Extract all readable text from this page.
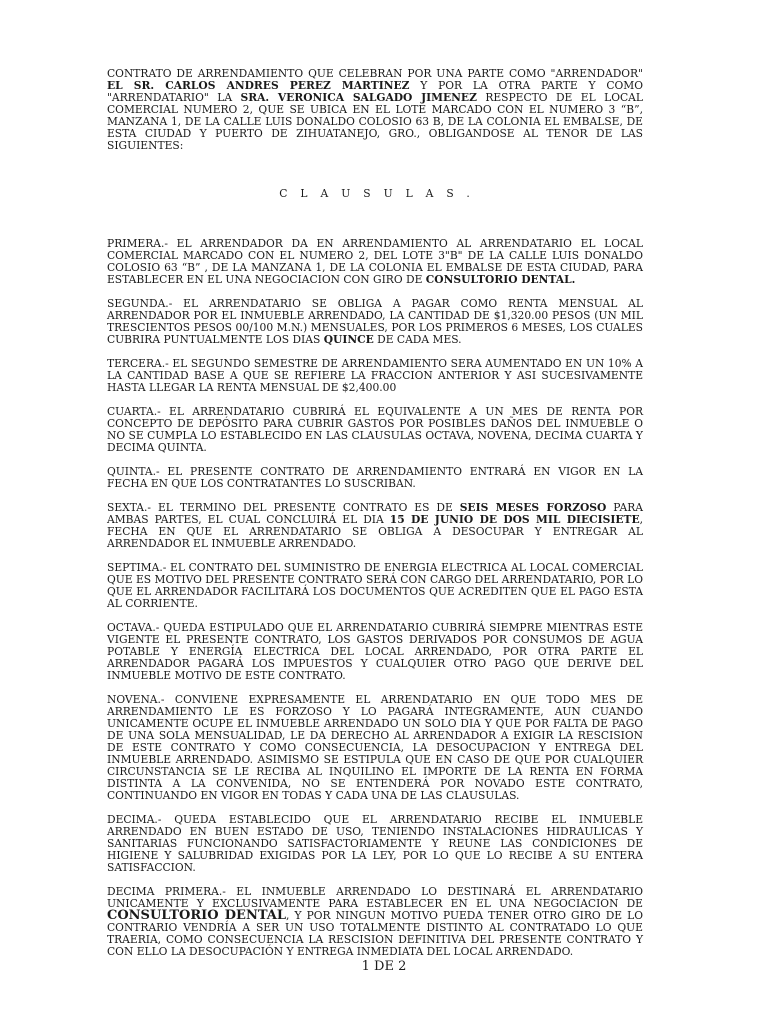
CONTRATO DE ARRENDAMIENTO QUE CELEBRAN POR UNA PARTE COMO "ARRENDADOR" EL SR. CARLOS ANDRES PEREZ MARTINEZ Y POR LA OTRA PARTE Y COMO "ARRENDATARIO" LA SRA. VERONICA SALGADO JIMENEZ RESPECTO DE EL LOCAL COMERCIAL NUMERO 2, QUE SE UBICA EN EL LOTE MARCADO CON EL NUMERO 3 “B”, MANZANA 1, DE LA CALLE LUIS DONALDO COLOSIO 63 B, DE LA COLONIA EL EMBALSE, DE ESTA CIUDAD Y PUERTO DE ZIHUATANEJO, GRO., OBLIGANDOSE AL TENOR DE LAS SIGUIENTES:

CLAUSULAS.

PRIMERA.- EL ARRENDADOR DA EN ARRENDAMIENTO AL ARRENDATARIO EL LOCAL COMERCIAL MARCADO CON EL NUMERO 2, DEL LOTE 3"B" DE LA CALLE LUIS DONALDO COLOSIO 63 “B” , DE LA MANZANA 1, DE LA COLONIA EL EMBALSE DE ESTA CIUDAD, PARA ESTABLECER EN EL UNA NEGOCIACION CON GIRO DE CONSULTORIO DENTAL.

SEGUNDA.- EL ARRENDATARIO SE OBLIGA A PAGAR COMO RENTA MENSUAL AL ARRENDADOR POR EL INMUEBLE ARRENDADO, LA CANTIDAD DE $1,320.00 PESOS (UN MIL TRESCIENTOS PESOS 00/100 M.N.) MENSUALES, POR LOS PRIMEROS 6 MESES, LOS CUALES CUBRIRA PUNTUALMENTE LOS DIAS QUINCE DE CADA MES.

TERCERA.- EL SEGUNDO SEMESTRE DE ARRENDAMIENTO SERA AUMENTADO EN UN 10% A LA CANTIDAD BASE A QUE SE REFIERE LA FRACCION ANTERIOR Y ASI SUCESIVAMENTE HASTA LLEGAR LA RENTA MENSUAL DE $2,400.00

CUARTA.- EL ARRENDATARIO CUBRIRÁ EL EQUIVALENTE A UN MES DE RENTA POR CONCEPTO DE DEPÓSITO PARA CUBRIR GASTOS POR POSIBLES DAÑOS DEL INMUEBLE O NO SE CUMPLA LO ESTABLECIDO EN LAS CLAUSULAS OCTAVA, NOVENA, DECIMA CUARTA Y DECIMA QUINTA.

QUINTA.- EL PRESENTE CONTRATO DE ARRENDAMIENTO ENTRARÁ EN VIGOR EN LA FECHA EN QUE LOS CONTRATANTES LO SUSCRIBAN.

SEXTA.- EL TERMINO DEL PRESENTE CONTRATO ES DE SEIS MESES FORZOSO PARA AMBAS PARTES, EL CUAL CONCLUIRÁ EL DIA 15 DE JUNIO DE DOS MIL DIECISIETE, FECHA EN QUE EL ARRENDATARIO SE OBLIGA A DESOCUPAR Y ENTREGAR AL ARRENDADOR EL INMUEBLE ARRENDADO.

SEPTIMA.- EL CONTRATO DEL SUMINISTRO DE ENERGIA ELECTRICA AL LOCAL COMERCIAL QUE ES MOTIVO DEL PRESENTE CONTRATO SERÁ CON CARGO DEL ARRENDATARIO, POR LO QUE EL ARRENDADOR FACILITARÁ LOS DOCUMENTOS QUE ACREDITEN QUE EL PAGO ESTA AL CORRIENTE.

OCTAVA.- QUEDA ESTIPULADO QUE EL ARRENDATARIO CUBRIRÁ SIEMPRE MIENTRAS ESTE VIGENTE EL PRESENTE CONTRATO, LOS GASTOS DERIVADOS POR CONSUMOS DE AGUA POTABLE Y ENERGÍA ELECTRICA DEL LOCAL ARRENDADO, POR OTRA PARTE EL ARRENDADOR PAGARÁ LOS IMPUESTOS Y CUALQUIER OTRO PAGO QUE DERIVE DEL INMUEBLE MOTIVO DE ESTE CONTRATO.

NOVENA.- CONVIENE EXPRESAMENTE EL ARRENDATARIO EN QUE TODO MES DE ARRENDAMIENTO LE ES FORZOSO Y LO PAGARÁ INTEGRAMENTE, AUN CUANDO UNICAMENTE OCUPE EL INMUEBLE ARRENDADO UN SOLO DIA Y QUE POR FALTA DE PAGO DE UNA SOLA MENSUALIDAD, LE DA DERECHO AL ARRENDADOR A EXIGIR LA RESCISION DE ESTE CONTRATO Y COMO CONSECUENCIA, LA DESOCUPACION Y ENTREGA DEL INMUEBLE ARRENDADO. ASIMISMO SE ESTIPULA QUE EN CASO DE QUE POR CUALQUIER CIRCUNSTANCIA SE LE RECIBA AL INQUILINO EL IMPORTE DE LA RENTA EN FORMA DISTINTA A LA CONVENIDA, NO SE ENTENDERÁ POR NOVADO ESTE CONTRATO, CONTINUANDO EN VIGOR EN TODAS Y CADA UNA DE LAS CLAUSULAS.

DECIMA.- QUEDA ESTABLECIDO QUE EL ARRENDATARIO RECIBE EL INMUEBLE ARRENDADO EN BUEN ESTADO DE USO, TENIENDO INSTALACIONES HIDRAULICAS Y SANITARIAS FUNCIONANDO SATISFACTORIAMENTE Y REUNE LAS CONDICIONES DE HIGIENE Y SALUBRIDAD EXIGIDAS POR LA LEY, POR LO QUE LO RECIBE A SU ENTERA SATISFACCION.

DECIMA PRIMERA.- EL INMUEBLE ARRENDADO LO DESTINARÁ EL ARRENDATARIO UNICAMENTE Y EXCLUSIVAMENTE PARA ESTABLECER EN EL UNA NEGOCIACION DE CONSULTORIO DENTAL, Y POR NINGUN MOTIVO PUEDA TENER OTRO GIRO DE LO CONTRARIO VENDRÍA A SER UN USO TOTALMENTE DISTINTO AL CONTRATADO LO QUE TRAERIA, COMO CONSECUENCIA LA RESCISION DEFINITIVA DEL PRESENTE CONTRATO Y CON ELLO LA DESOCUPACIÓN Y ENTREGA INMEDIATA DEL LOCAL ARRENDADO.

1 DE 2
